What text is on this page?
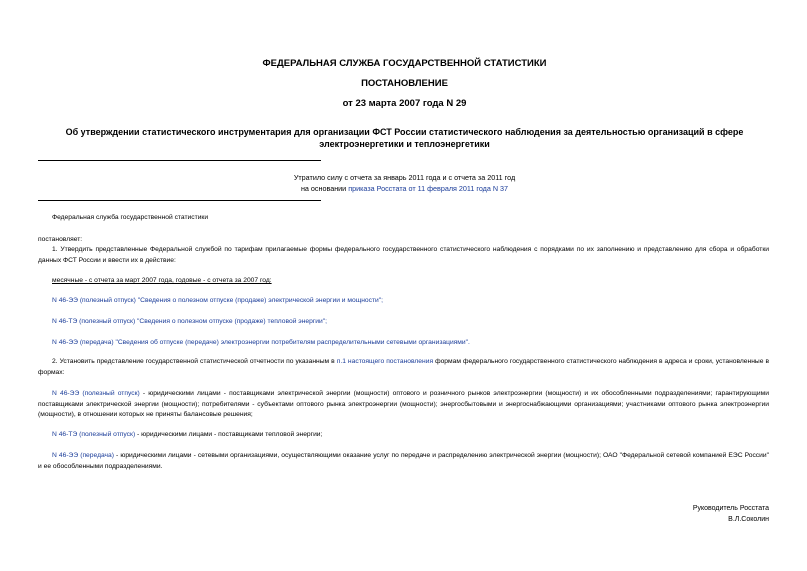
ФЕДЕРАЛЬНАЯ СЛУЖБА ГОСУДАРСТВЕННОЙ СТАТИСТИКИ
ПОСТАНОВЛЕНИЕ
от 23 марта 2007 года N 29
Об утверждении статистического инструментария для организации ФСТ России статистического наблюдения за деятельностью организаций в сфере
электроэнергетики и теплоэнергетики
Утратило силу с отчета за январь 2011 года и с отчета за 2011 год
на основании приказа Росстата от 11 февраля 2011 года N 37
Федеральная служба государственной статистики
постановляет:
1. Утвердить представленные Федеральной службой по тарифам прилагаемые формы федерального государственного статистического наблюдения с порядками по их заполнению и представлению для сбора и обработки данных ФСТ России и ввести их в действие:
месячные - с отчета за март 2007 года, годовые - с отчета за 2007 год:
N 46-ЭЭ (полезный отпуск) "Сведения о полезном отпуске (продаже) электрической энергии и мощности";
N 46-ТЭ (полезный отпуск) "Сведения о полезном отпуске (продаже) тепловой энергии";
N 46-ЭЭ (передача) "Сведения об отпуске (передаче) электроэнергии потребителям распределительными сетевыми организациями".
2. Установить представление государственной статистической отчетности по указанным в п.1 настоящего постановления формам федерального государственного статистического наблюдения в адреса и сроки, установленные в формах:
N 46-ЭЭ (полезный отпуск) - юридическими лицами - поставщиками электрической энергии (мощности) оптового и розничного рынков электроэнергии (мощности) и их обособленными подразделениями; гарантирующими поставщиками электрической энергии (мощности); потребителями - субъектами оптового рынка электроэнергии (мощности); энергосбытовыми и энергоснабжающими организациями; участниками оптового рынка электроэнергии (мощности), в отношении которых не приняты балансовые решения;
N 46-ТЭ (полезный отпуск) - юридическими лицами - поставщиками тепловой энергии;
N 46-ЭЭ (передача) - юридическими лицами - сетевыми организациями, осуществляющими оказание услуг по передаче и распределению электрической энергии (мощности); ОАО "Федеральной сетевой компанией ЕЭС России" и ее обособленными подразделениями.
Руководитель Росстата
В.Л.Соколин
